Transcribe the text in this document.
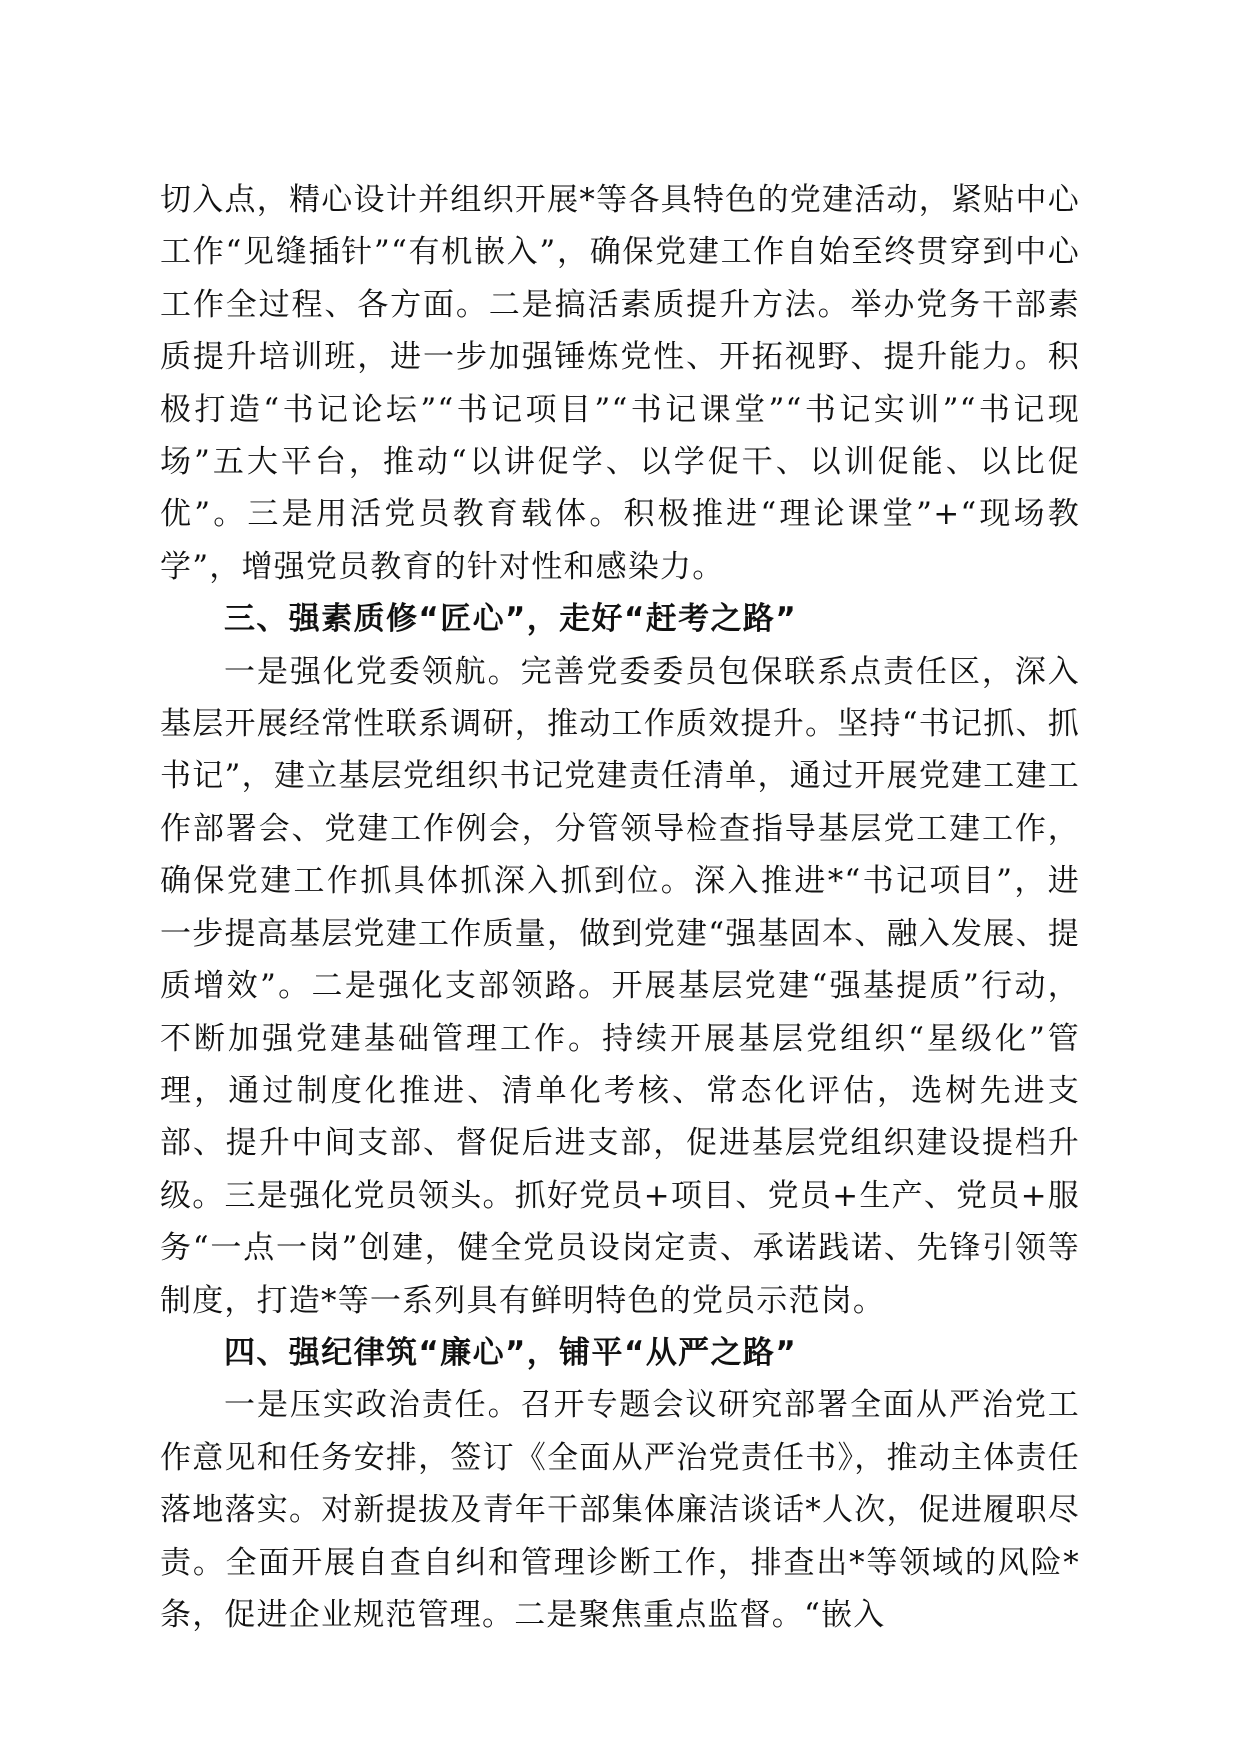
切入点，精心设计并组织开展*等各具特色的党建活动，紧贴中心工作“见缝插针”“有机嵌入”，确保党建工作自始至终贯穿到中心工作全过程、各方面。二是搞活素质提升方法。举办党务干部素质提升培训班，进一步加强锤炼党性、开拓视野、提升能力。积极打造“书记论坛”“书记项目”“书记课堂”“书记实训”“书记现场”五大平台，推动“以讲促学、以学促干、以训促能、以比促优”。三是用活党员教育载体。积极推进“理论课堂”+“现场教学”，增强党员教育的针对性和感染力。

三、强素质修“匠心”，走好“赶考之路”

一是强化党委领航。完善党委委员包保联系点责任区，深入基层开展经常性联系调研，推动工作质效提升。坚持“书记抓、抓书记”，建立基层党组织书记党建责任清单，通过开展党建工建工作部署会、党建工作例会，分管领导检查指导基层党工建工作，确保党建工作抓具体抓深入抓到位。深入推进*“书记项目”，进一步提高基层党建工作质量，做到党建“强基固本、融入发展、提质增效”。二是强化支部领路。开展基层党建“强基提质”行动，不断加强党建基础管理工作。持续开展基层党组织“星级化”管理，通过制度化推进、清单化考核、常态化评估，选树先进支部、提升中间支部、督促后进支部，促进基层党组织建设提档升级。三是强化党员领头。抓好党员+项目、党员+生产、党员+服务“一点一岗”创建，健全党员设岗定责、承诺践诺、先锋引领等制度，打造*等一系列具有鲜明特色的党员示范岗。

四、强纪律筑“廉心”，铺平“从严之路”

一是压实政治责任。召开专题会议研究部署全面从严治党工作意见和任务安排，签订《全面从严治党责任书》，推动主体责任落地落实。对新提拔及青年干部集体廉洁谈话*人次，促进履职尽责。全面开展自查自纠和管理诊断工作，排查出*等领域的风险*条，促进企业规范管理。二是聚焦重点监督。“嵌入
